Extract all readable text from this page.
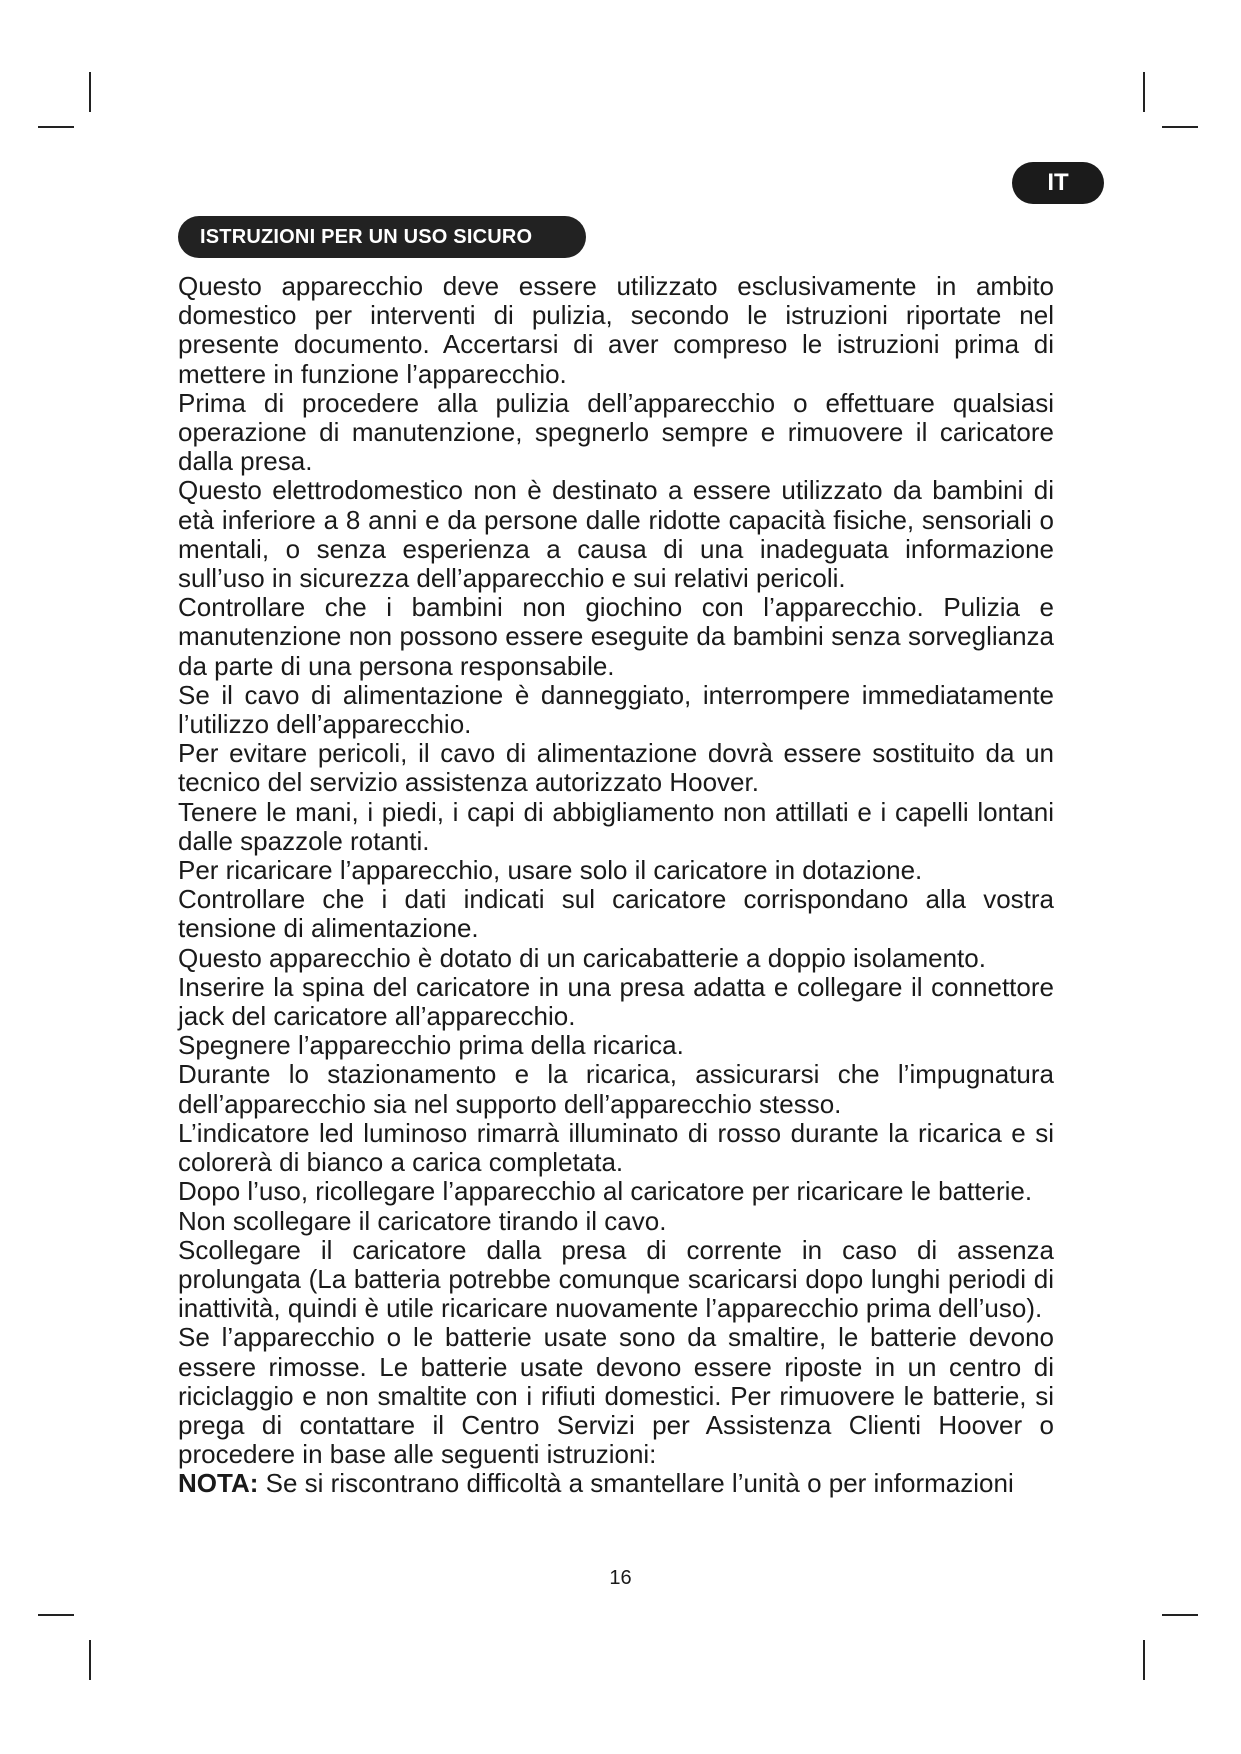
IT
ISTRUZIONI PER UN USO SICURO

Questo apparecchio deve essere utilizzato esclusivamente in ambito domestico per interventi di pulizia, secondo le istruzioni riportate nel presente documento. Accertarsi di aver compreso le istruzioni prima di mettere in funzione l’apparecchio.

Prima di procedere alla pulizia dell’apparecchio o effettuare qualsiasi operazione di manutenzione, spegnerlo sempre e rimuovere il caricatore dalla presa.

Questo elettrodomestico non è destinato a essere utilizzato da bambini di età inferiore a 8 anni e da persone dalle ridotte capacità fisiche, sensoriali o mentali, o senza esperienza a causa di una inadeguata informazione sull’uso in sicurezza dell’apparecchio e sui relativi pericoli.

Controllare che i bambini non giochino con l’apparecchio. Pulizia e manutenzione non possono essere eseguite da bambini senza sorveglianza da parte di una persona responsabile.

Se il cavo di alimentazione è danneggiato, interrompere immediatamente l’utilizzo dell’apparecchio.

Per evitare pericoli, il cavo di alimentazione dovrà essere sostituito da un tecnico del servizio assistenza autorizzato Hoover.

Tenere le mani, i piedi, i capi di abbigliamento non attillati e i capelli lontani dalle spazzole rotanti.

Per ricaricare l’apparecchio, usare solo il caricatore in dotazione.

Controllare che i dati indicati sul caricatore corrispondano alla vostra tensione di alimentazione.

Questo apparecchio è dotato di un caricabatterie a doppio isolamento.

Inserire la spina del caricatore in una presa adatta e collegare il connettore jack del caricatore all’apparecchio.

Spegnere l’apparecchio prima della ricarica.

Durante lo stazionamento e la ricarica, assicurarsi che l’impugnatura dell’apparecchio sia nel supporto dell’apparecchio stesso.

L’indicatore led luminoso rimarrà illuminato di rosso durante la ricarica e si colorerà di bianco a carica completata.

Dopo l’uso, ricollegare l’apparecchio al caricatore per ricaricare le batterie.

Non scollegare il caricatore tirando il cavo.

Scollegare il caricatore dalla presa di corrente in caso di assenza prolungata (La batteria potrebbe comunque scaricarsi dopo lunghi periodi di inattività, quindi è utile ricaricare nuovamente l’apparecchio prima dell’uso).

Se l’apparecchio o le batterie usate sono da smaltire, le batterie devono essere rimosse. Le batterie usate devono essere riposte in un centro di riciclaggio e non smaltite con i rifiuti domestici. Per rimuovere le batterie, si prega di contattare il Centro Servizi per Assistenza Clienti Hoover o procedere in base alle seguenti istruzioni:

NOTA: Se si riscontrano difficoltà a smantellare l’unità o per informazioni

16
